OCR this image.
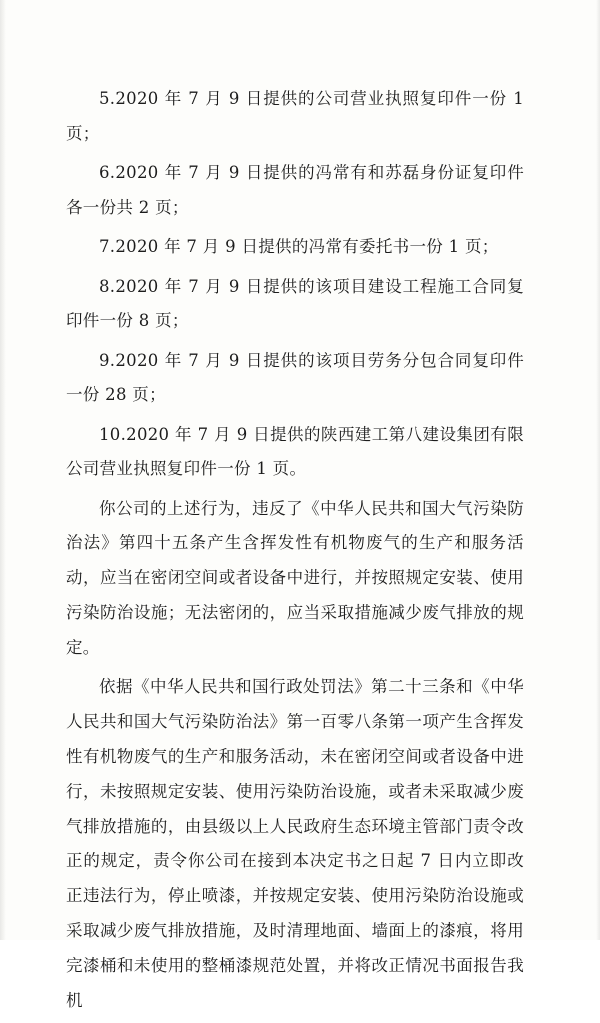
5.2020 年 7 月 9 日提供的公司营业执照复印件一份 1 页；

6.2020 年 7 月 9 日提供的冯常有和苏磊身份证复印件各一份共 2 页；

7.2020 年 7 月 9 日提供的冯常有委托书一份 1 页；

8.2020 年 7 月 9 日提供的该项目建设工程施工合同复印件一份 8 页；

9.2020 年 7 月 9 日提供的该项目劳务分包合同复印件一份 28 页；

10.2020 年 7 月 9 日提供的陕西建工第八建设集团有限公司营业执照复印件一份 1 页。

你公司的上述行为，违反了《中华人民共和国大气污染防治法》第四十五条产生含挥发性有机物废气的生产和服务活动，应当在密闭空间或者设备中进行，并按照规定安装、使用污染防治设施；无法密闭的，应当采取措施减少废气排放的规定。

依据《中华人民共和国行政处罚法》第二十三条和《中华人民共和国大气污染防治法》第一百零八条第一项产生含挥发性有机物废气的生产和服务活动，未在密闭空间或者设备中进行，未按照规定安装、使用污染防治设施，或者未采取减少废气排放措施的，由县级以上人民政府生态环境主管部门责令改正的规定，责令你公司在接到本决定书之日起 7 日内立即改正违法行为，停止喷漆，并按规定安装、使用污染防治设施或采取减少废气排放措施，及时清理地面、墙面上的漆痕，将用完漆桶和未使用的整桶漆规范处置，并将改正情况书面报告我机
